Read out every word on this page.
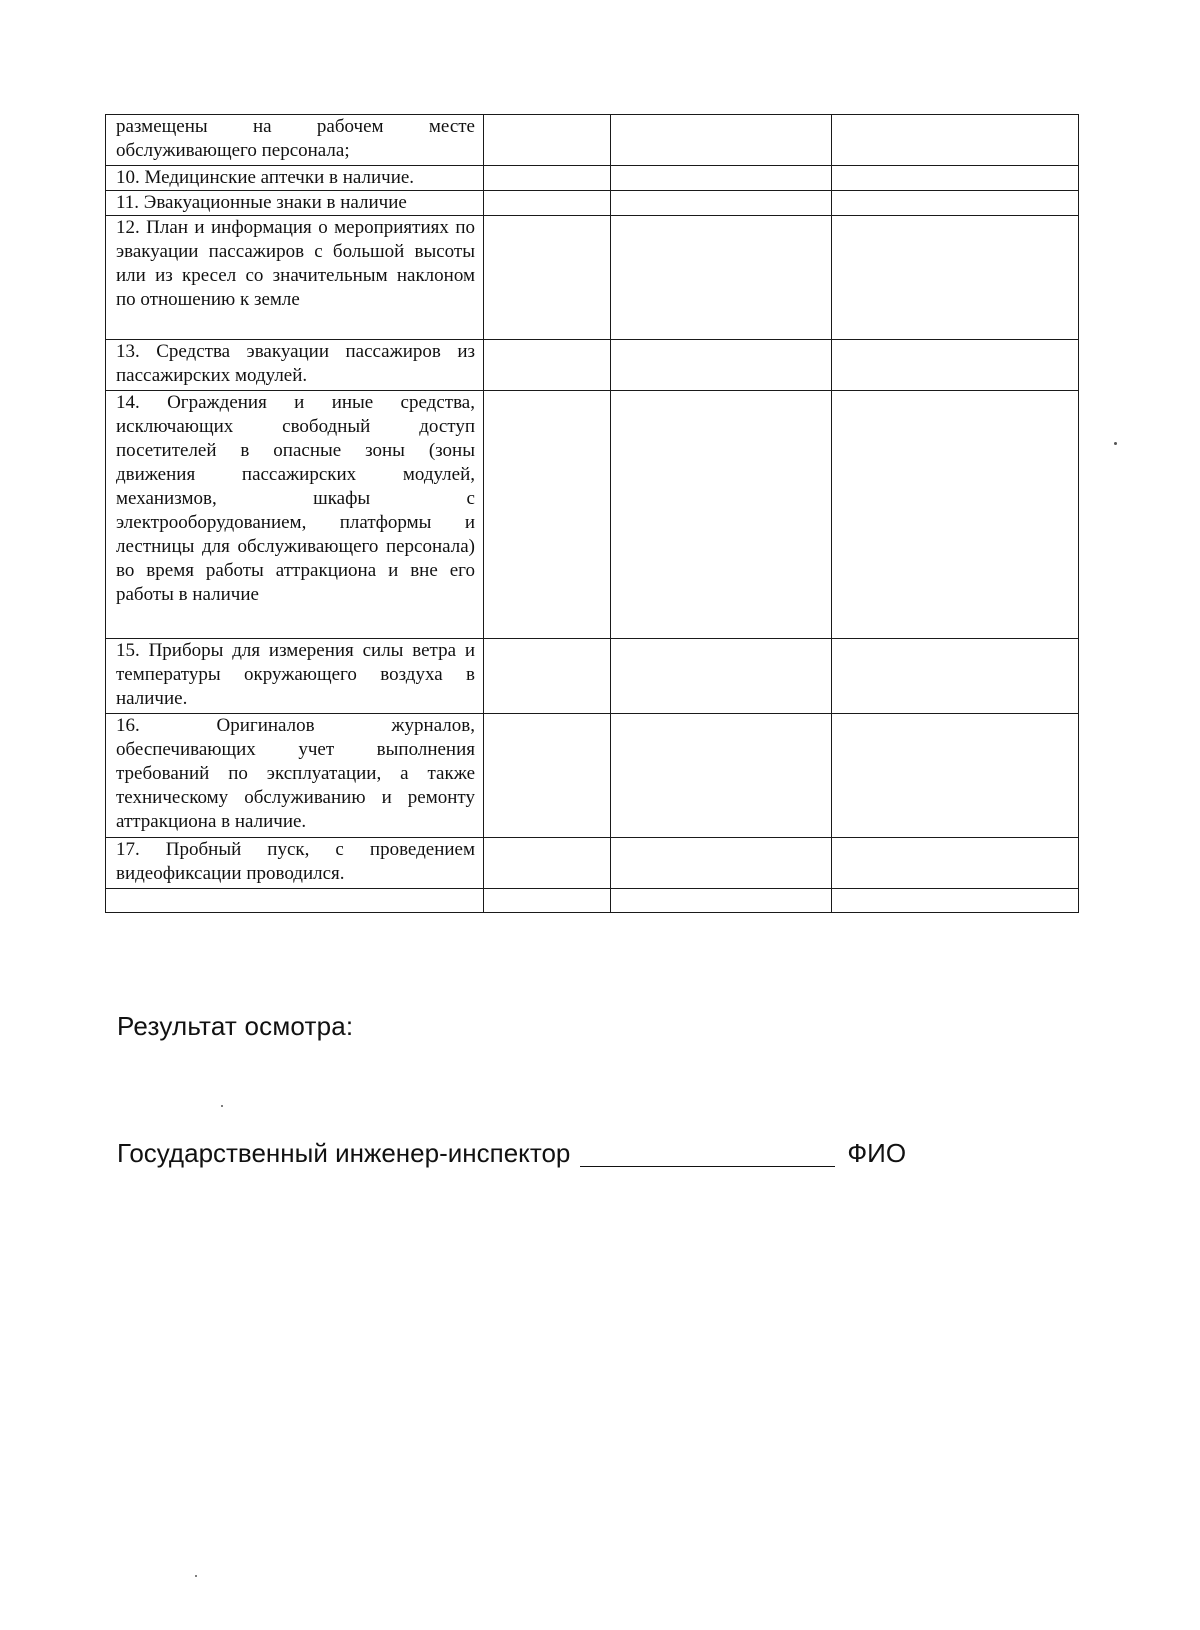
размещены на рабочем месте обслуживающего персонала;			
10. Медицинские аптечки в наличие.			
11. Эвакуационные знаки в наличие			
12. План и информация о мероприятиях по эвакуации пассажиров с большой высоты или из кресел со значительным наклоном по отношению к земле			
13. Средства эвакуации пассажиров из пассажирских модулей.			
14. Ограждения и иные средства, исключающих свободный доступ посетителей в опасные зоны (зоны движения пассажирских модулей, механизмов, шкафы с электрооборудованием, платформы и лестницы для обслуживающего персонала) во время работы аттракциона и вне его работы в наличие			
15. Приборы для измерения силы ветра и температуры окружающего воздуха в наличие.			
16. Оригиналов журналов, обеспечивающих учет выполнения требований по эксплуатации, а также техническому обслуживанию и ремонту аттракциона в наличие.			
17. Пробный пуск, с проведением видеофиксации проводился.			

Результат осмотра:
Государственный инженер-инспектор	ФИО
